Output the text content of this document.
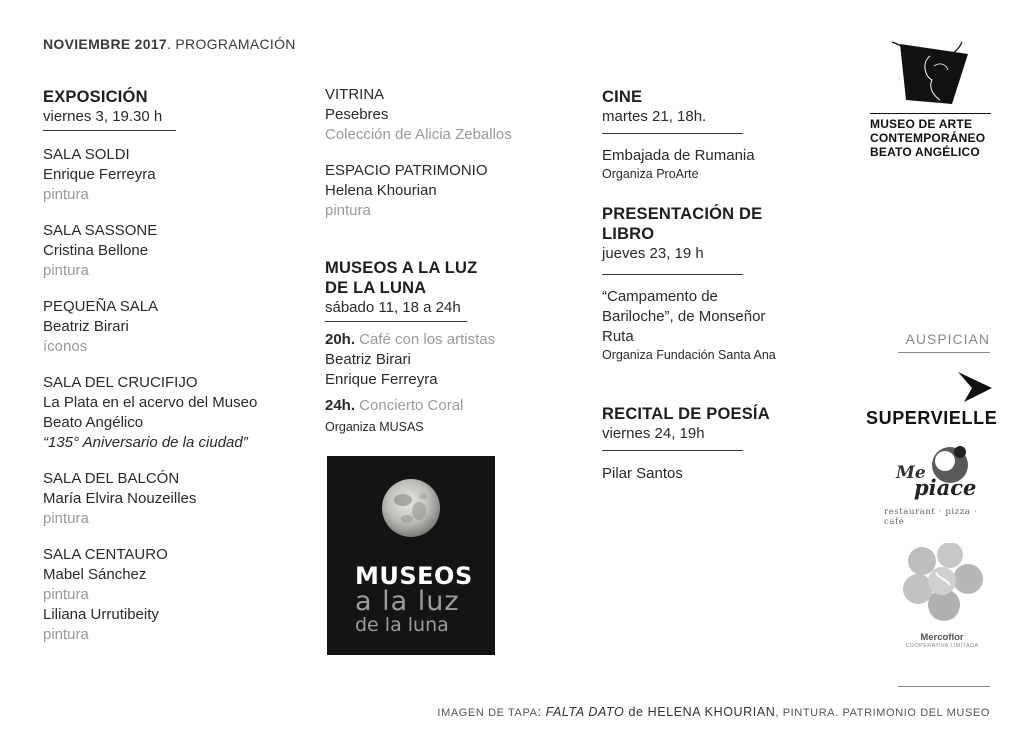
NOVIEMBRE 2017. PROGRAMACIÓN
EXPOSICIÓN
viernes 3, 19.30 h
SALA SOLDI
Enrique Ferreyra
pintura
SALA SASSONE
Cristina Bellone
pintura
PEQUEÑA SALA
Beatriz Birari
íconos
SALA DEL CRUCIFIJO
La Plata en el acervo del Museo
Beato Angélico
“135° Aniversario de la ciudad”
SALA DEL BALCÓN
María Elvira Nouzeilles
pintura
SALA CENTAURO
Mabel Sánchez
pintura
Liliana Urrutibeity
pintura
VITRINA
Pesebres
Colección de Alicia Zeballos
ESPACIO PATRIMONIO
Helena Khourian
pintura
MUSEOS A LA LUZ
DE LA LUNA
sábado 11, 18 a 24h
20h. Café con los artistas
Beatriz Birari
Enrique Ferreyra
24h. Concierto Coral
Organiza MUSAS
MUSEOS
a la luz
de la luna
CINE
martes 21, 18h.
Embajada de Rumania
Organiza ProArte
PRESENTACIÓN DE
LIBRO
jueves 23, 19 h
“Campamento de
Bariloche”, de Monseñor
Ruta
Organiza Fundación Santa Ana
RECITAL DE POESÍA
viernes 24, 19h
Pilar Santos
MUSEO DE ARTE
CONTEMPORÁNEO
BEATO ANGÉLICO
AUSPICIAN
SUPERVIELLE
Me
piace
restaurant · pizza · café
Mercoflor
COOPERATIVA LIMITADA
IMAGEN DE TAPA: FALTA DATO de HELENA KHOURIAN, PINTURA. PATRIMONIO DEL MUSEO
